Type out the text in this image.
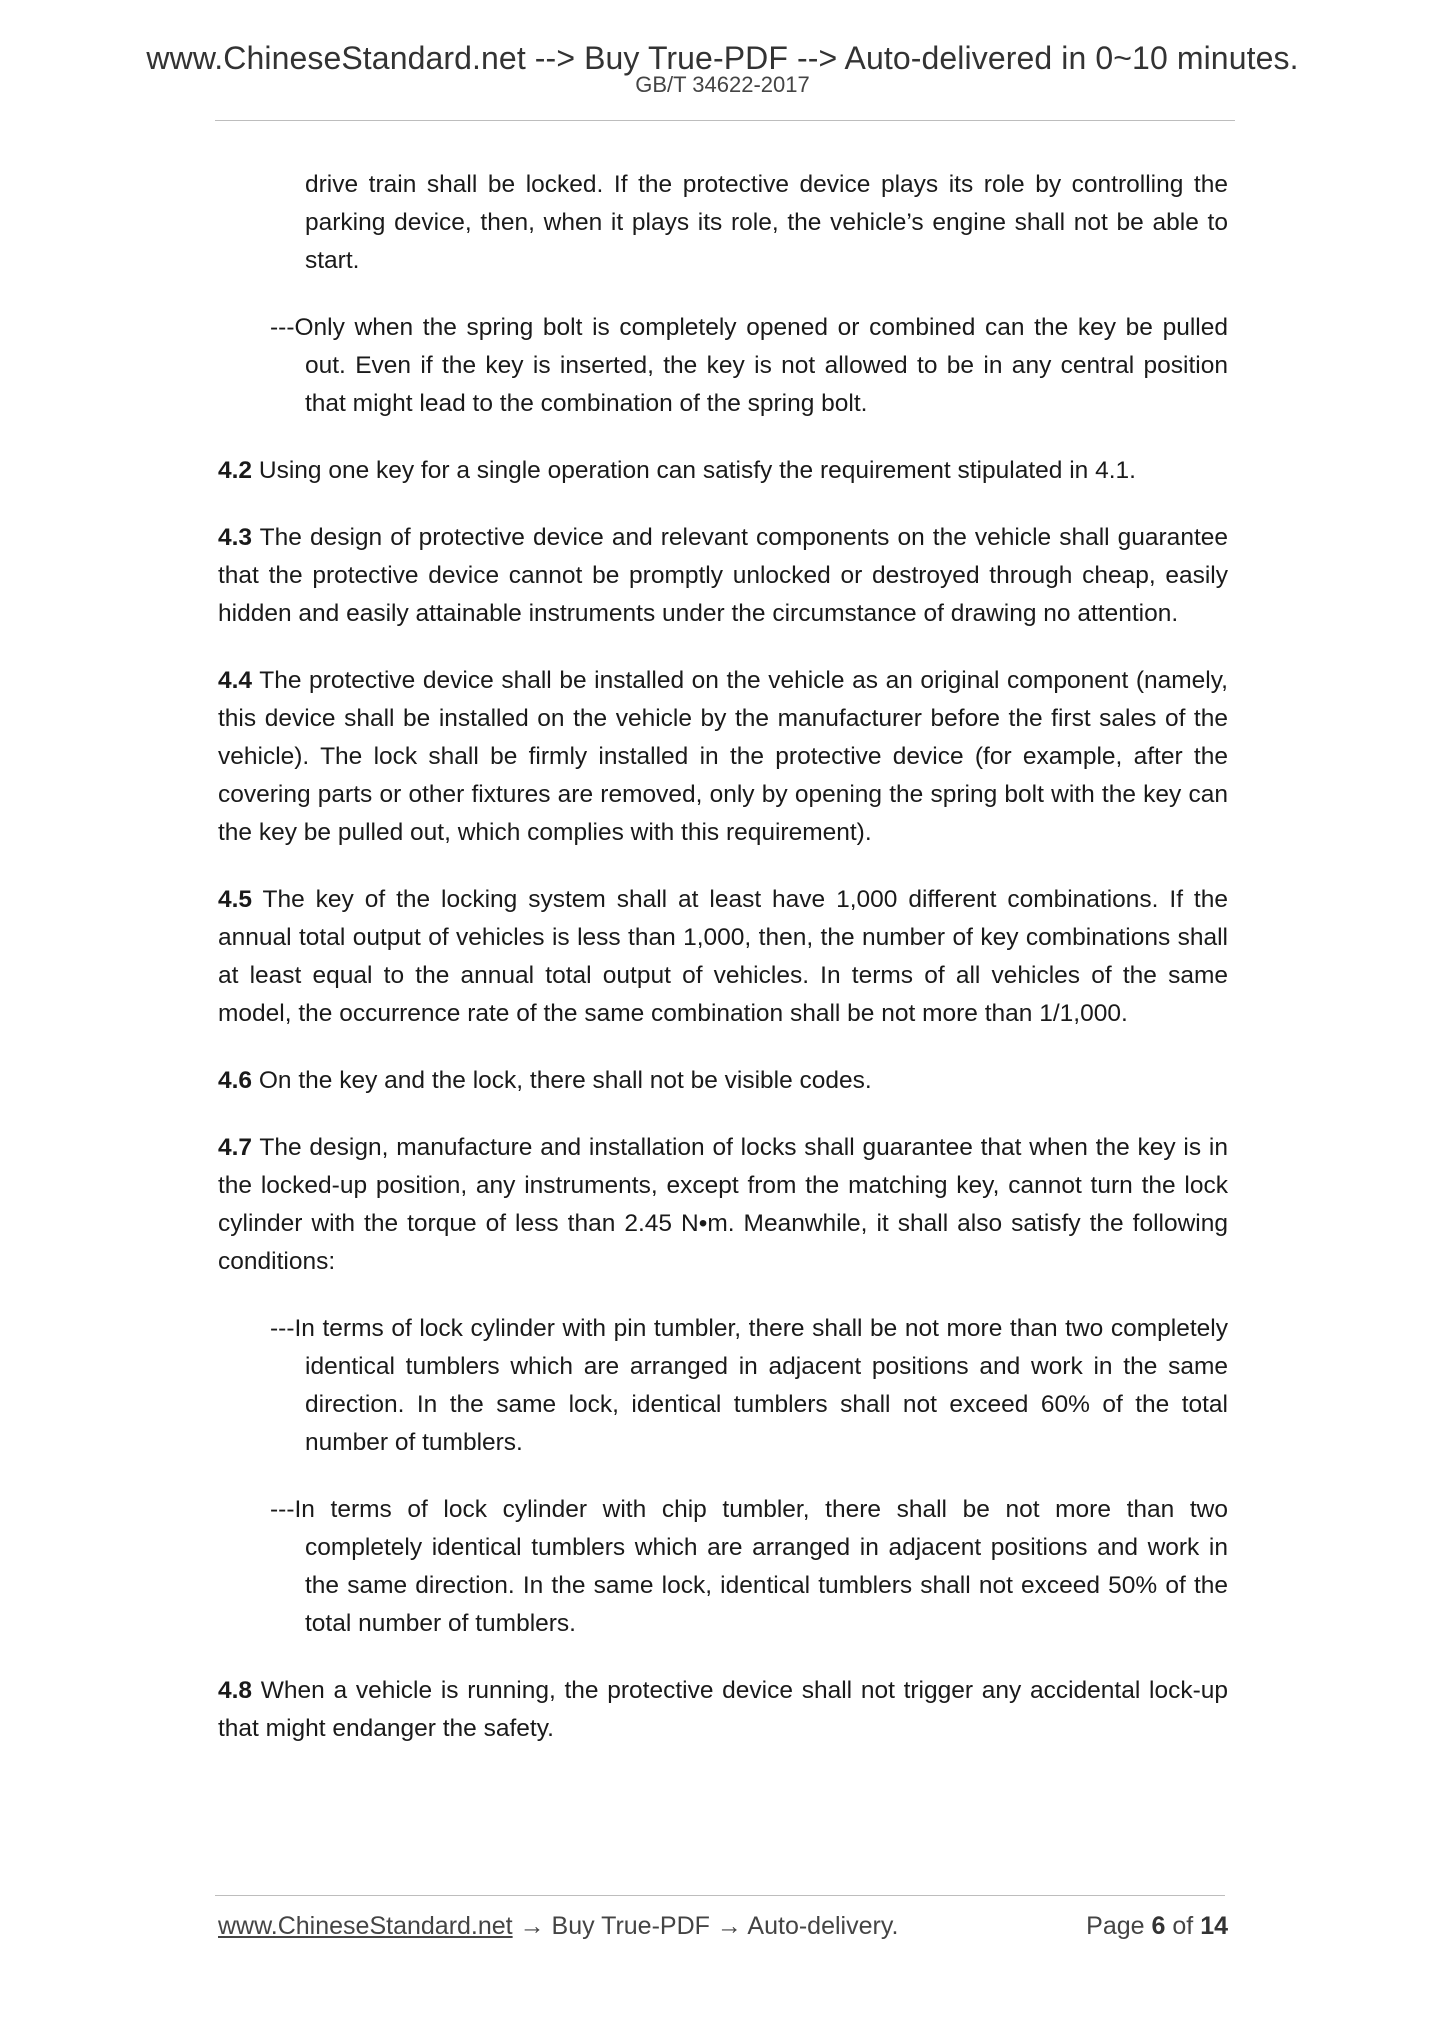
www.ChineseStandard.net --> Buy True-PDF --> Auto-delivered in 0~10 minutes.
GB/T 34622-2017

drive train shall be locked. If the protective device plays its role by controlling the parking device, then, when it plays its role, the vehicle’s engine shall not be able to start.

---Only when the spring bolt is completely opened or combined can the key be pulled out. Even if the key is inserted, the key is not allowed to be in any central position that might lead to the combination of the spring bolt.

4.2 Using one key for a single operation can satisfy the requirement stipulated in 4.1.

4.3 The design of protective device and relevant components on the vehicle shall guarantee that the protective device cannot be promptly unlocked or destroyed through cheap, easily hidden and easily attainable instruments under the circumstance of drawing no attention.

4.4 The protective device shall be installed on the vehicle as an original component (namely, this device shall be installed on the vehicle by the manufacturer before the first sales of the vehicle). The lock shall be firmly installed in the protective device (for example, after the covering parts or other fixtures are removed, only by opening the spring bolt with the key can the key be pulled out, which complies with this requirement).

4.5 The key of the locking system shall at least have 1,000 different combinations. If the annual total output of vehicles is less than 1,000, then, the number of key combinations shall at least equal to the annual total output of vehicles. In terms of all vehicles of the same model, the occurrence rate of the same combination shall be not more than 1/1,000.

4.6 On the key and the lock, there shall not be visible codes.

4.7 The design, manufacture and installation of locks shall guarantee that when the key is in the locked-up position, any instruments, except from the matching key, cannot turn the lock cylinder with the torque of less than 2.45 N•m. Meanwhile, it shall also satisfy the following conditions:

---In terms of lock cylinder with pin tumbler, there shall be not more than two completely identical tumblers which are arranged in adjacent positions and work in the same direction. In the same lock, identical tumblers shall not exceed 60% of the total number of tumblers.

---In terms of lock cylinder with chip tumbler, there shall be not more than two completely identical tumblers which are arranged in adjacent positions and work in the same direction. In the same lock, identical tumblers shall not exceed 50% of the total number of tumblers.

4.8 When a vehicle is running, the protective device shall not trigger any accidental lock-up that might endanger the safety.

www.ChineseStandard.net → Buy True-PDF → Auto-delivery.	Page 6 of 14
